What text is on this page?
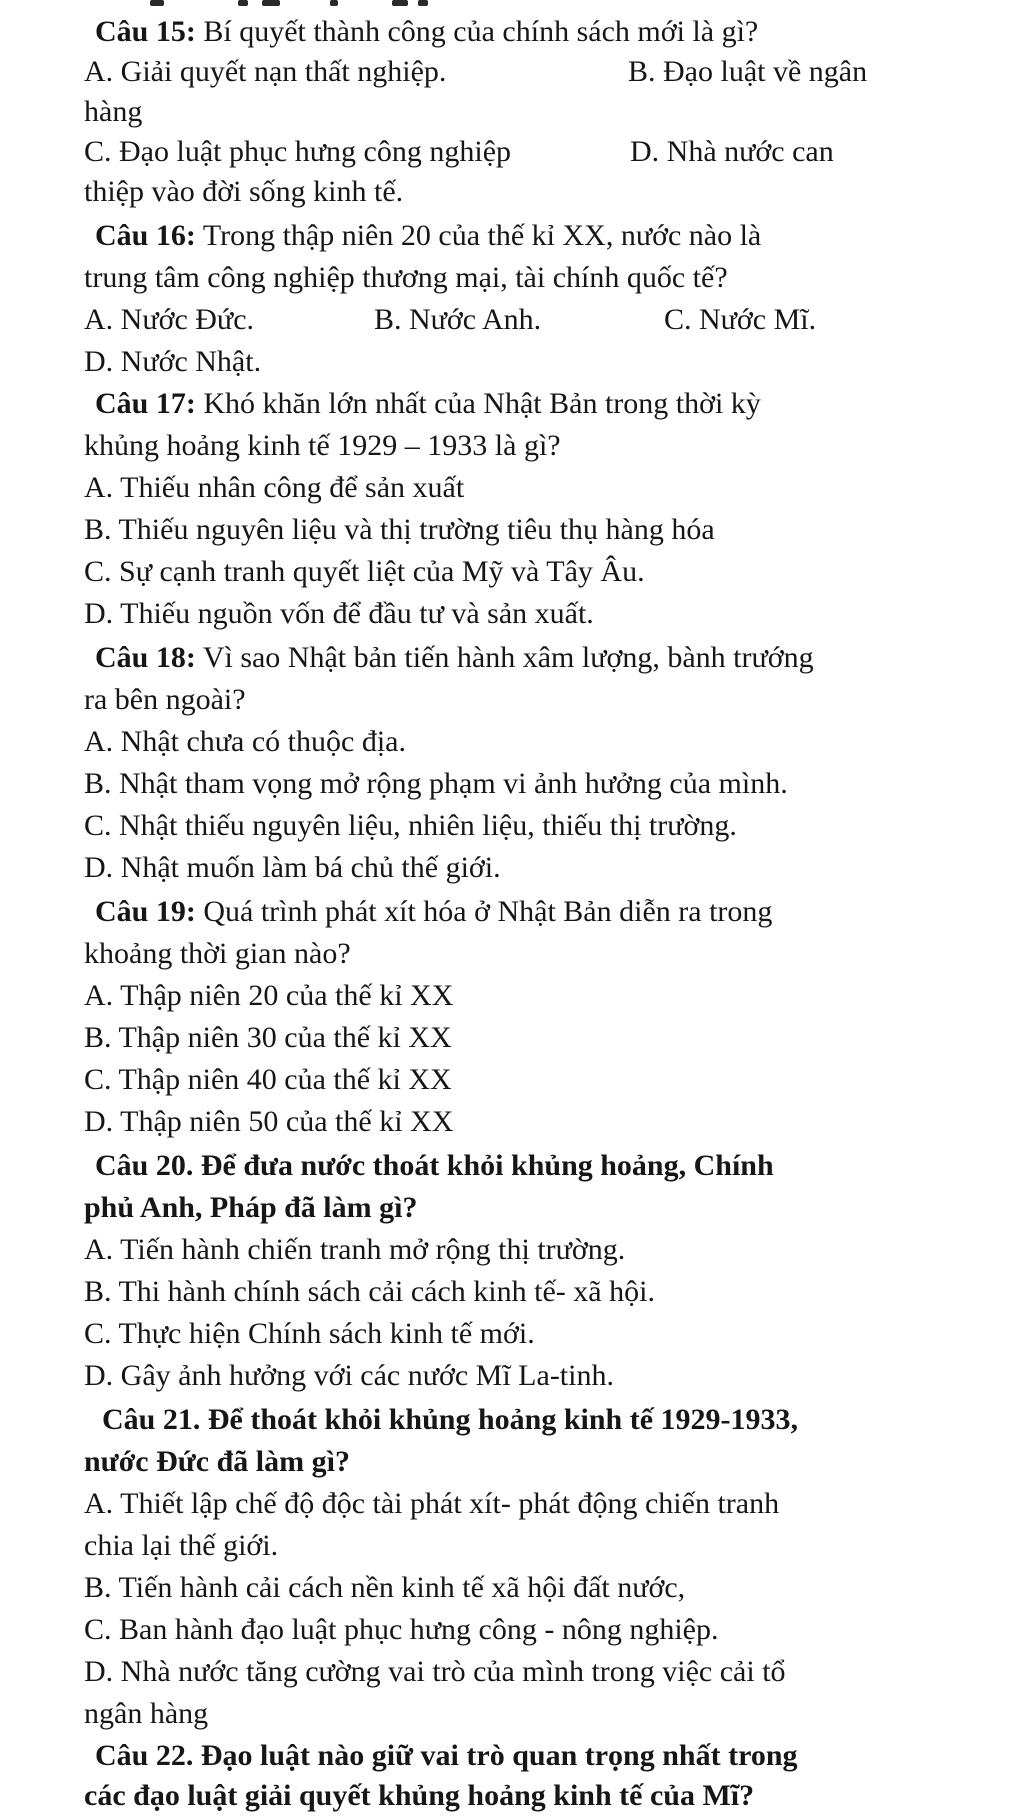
Câu 15: Bí quyết thành công của chính sách mới là gì?
A. Giải quyết nạn thất nghiệp.	B. Đạo luật về ngân
hàng
C. Đạo luật phục hưng công nghiệp	D. Nhà nước can
thiệp vào đời sống kinh tế.
Câu 16: Trong thập niên 20 của thế kỉ XX, nước nào là
trung tâm công nghiệp thương mại, tài chính quốc tế?
A. Nước Đức.	B. Nước Anh.	C. Nước Mĩ.
D. Nước Nhật.
Câu 17: Khó khăn lớn nhất của Nhật Bản trong thời kỳ
khủng hoảng kinh tế 1929 – 1933 là gì?
A. Thiếu nhân công để sản xuất
B. Thiếu nguyên liệu và thị trường tiêu thụ hàng hóa
C. Sự cạnh tranh quyết liệt của Mỹ và Tây Âu.
D. Thiếu nguồn vốn để đầu tư và sản xuất.
Câu 18: Vì sao Nhật bản tiến hành xâm lượng, bành trướng
ra bên ngoài?
A. Nhật chưa có thuộc địa.
B. Nhật tham vọng mở rộng phạm vi ảnh hưởng của mình.
C. Nhật thiếu nguyên liệu, nhiên liệu, thiếu thị trường.
D. Nhật muốn làm bá chủ thế giới.
Câu 19: Quá trình phát xít hóa ở Nhật Bản diễn ra trong
khoảng thời gian nào?
A. Thập niên 20 của thế kỉ XX
B. Thập niên 30 của thế kỉ XX
C. Thập niên 40 của thế kỉ XX
D. Thập niên 50 của thế kỉ XX
Câu 20. Để đưa nước thoát khỏi khủng hoảng, Chính
phủ Anh, Pháp đã làm gì?
A. Tiến hành chiến tranh mở rộng thị trường.
B. Thi hành chính sách cải cách kinh tế- xã hội.
C. Thực hiện Chính sách kinh tế mới.
D. Gây ảnh hưởng với các nước Mĩ La-tinh.
Câu 21. Để thoát khỏi khủng hoảng kinh tế 1929-1933,
nước Đức đã làm gì?
A. Thiết lập chế độ độc tài phát xít- phát động chiến tranh
chia lại thế giới.
B. Tiến hành cải cách nền kinh tế xã hội đất nước,
C. Ban hành đạo luật phục hưng công - nông nghiệp.
D. Nhà nước tăng cường vai trò của mình trong việc cải tổ
ngân hàng
Câu 22. Đạo luật nào giữ vai trò quan trọng nhất trong
các đạo luật giải quyết khủng hoảng kinh tế của Mĩ?
